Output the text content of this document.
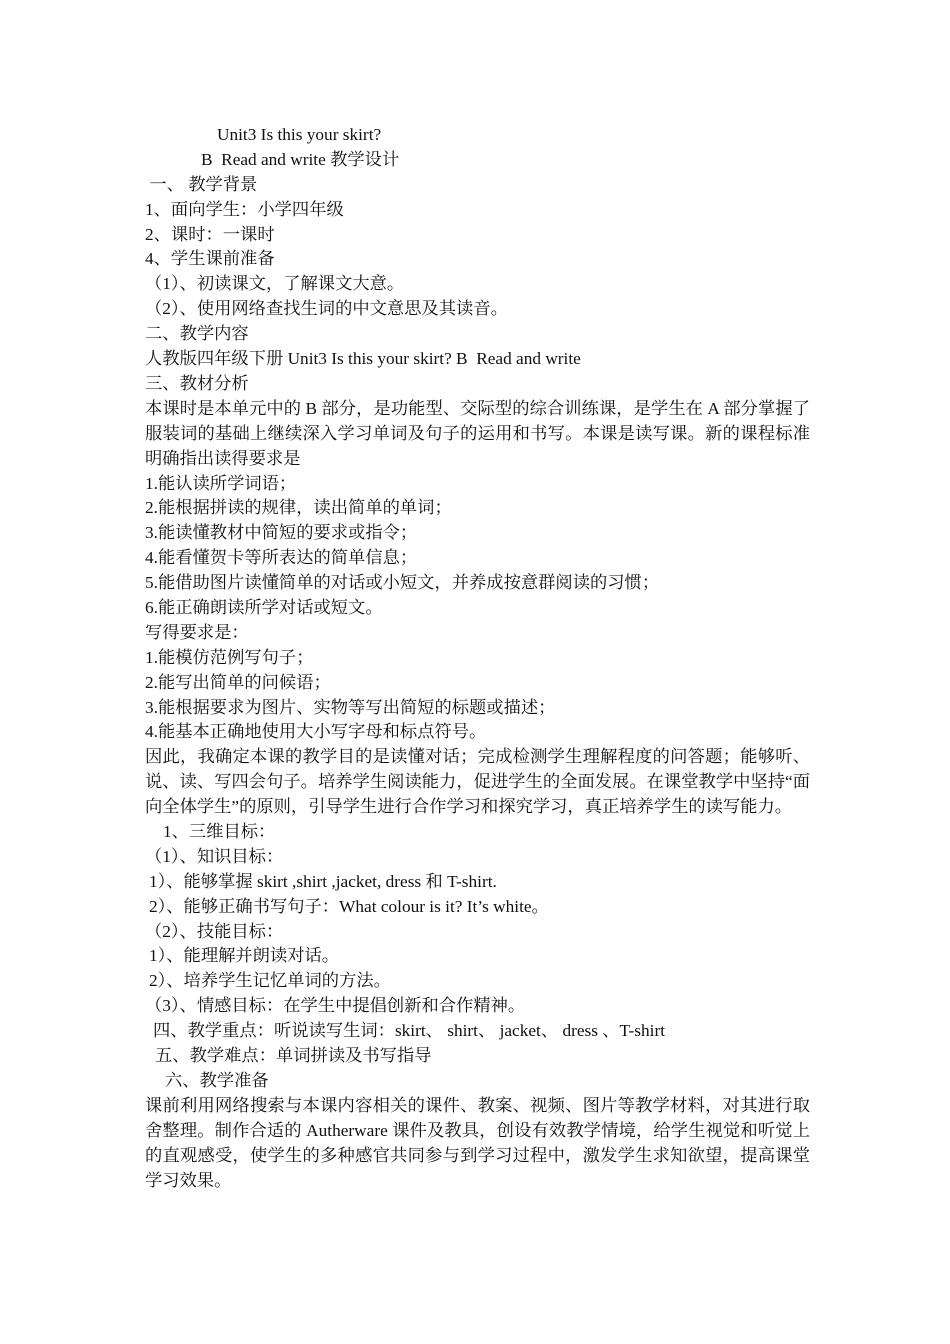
Unit3 Is this your skirt?
B  Read and write 教学设计
一、 教学背景
1、面向学生：小学四年级
2、课时：一课时
4、学生课前准备
（1）、初读课文，了解课文大意。
（2）、使用网络查找生词的中文意思及其读音。
二、教学内容
人教版四年级下册 Unit3 Is this your skirt? B  Read and write
三、教材分析
本课时是本单元中的 B 部分，是功能型、交际型的综合训练课，是学生在 A 部分掌握了服装词的基础上继续深入学习单词及句子的运用和书写。本课是读写课。新的课程标准明确指出读得要求是
1.能认读所学词语；
2.能根据拼读的规律，读出简单的单词；
3.能读懂教材中简短的要求或指令；
4.能看懂贺卡等所表达的简单信息；
5.能借助图片读懂简单的对话或小短文，并养成按意群阅读的习惯；
6.能正确朗读所学对话或短文。
写得要求是：
1.能模仿范例写句子；
2.能写出简单的问候语；
3.能根据要求为图片、实物等写出简短的标题或描述；
4.能基本正确地使用大小写字母和标点符号。
因此，我确定本课的教学目的是读懂对话；完成检测学生理解程度的问答题；能够听、说、读、写四会句子。培养学生阅读能力，促进学生的全面发展。在课堂教学中坚持“面向全体学生”的原则，引导学生进行合作学习和探究学习，真正培养学生的读写能力。
1、三维目标：
（1）、知识目标：
1）、能够掌握 skirt ,shirt ,jacket, dress 和 T-shirt.
2）、能够正确书写句子：What colour is it? It’s white。
（2）、技能目标：
1）、能理解并朗读对话。
2）、培养学生记忆单词的方法。
（3）、情感目标：在学生中提倡创新和合作精神。
四、教学重点：听说读写生词：skirt、 shirt、 jacket、 dress 、T-shirt
五、教学难点：单词拼读及书写指导
六、教学准备
课前利用网络搜索与本课内容相关的课件、教案、视频、图片等教学材料，对其进行取舍整理。制作合适的 Autherware 课件及教具，创设有效教学情境，给学生视觉和听觉上的直观感受，使学生的多种感官共同参与到学习过程中，激发学生求知欲望，提高课堂学习效果。
